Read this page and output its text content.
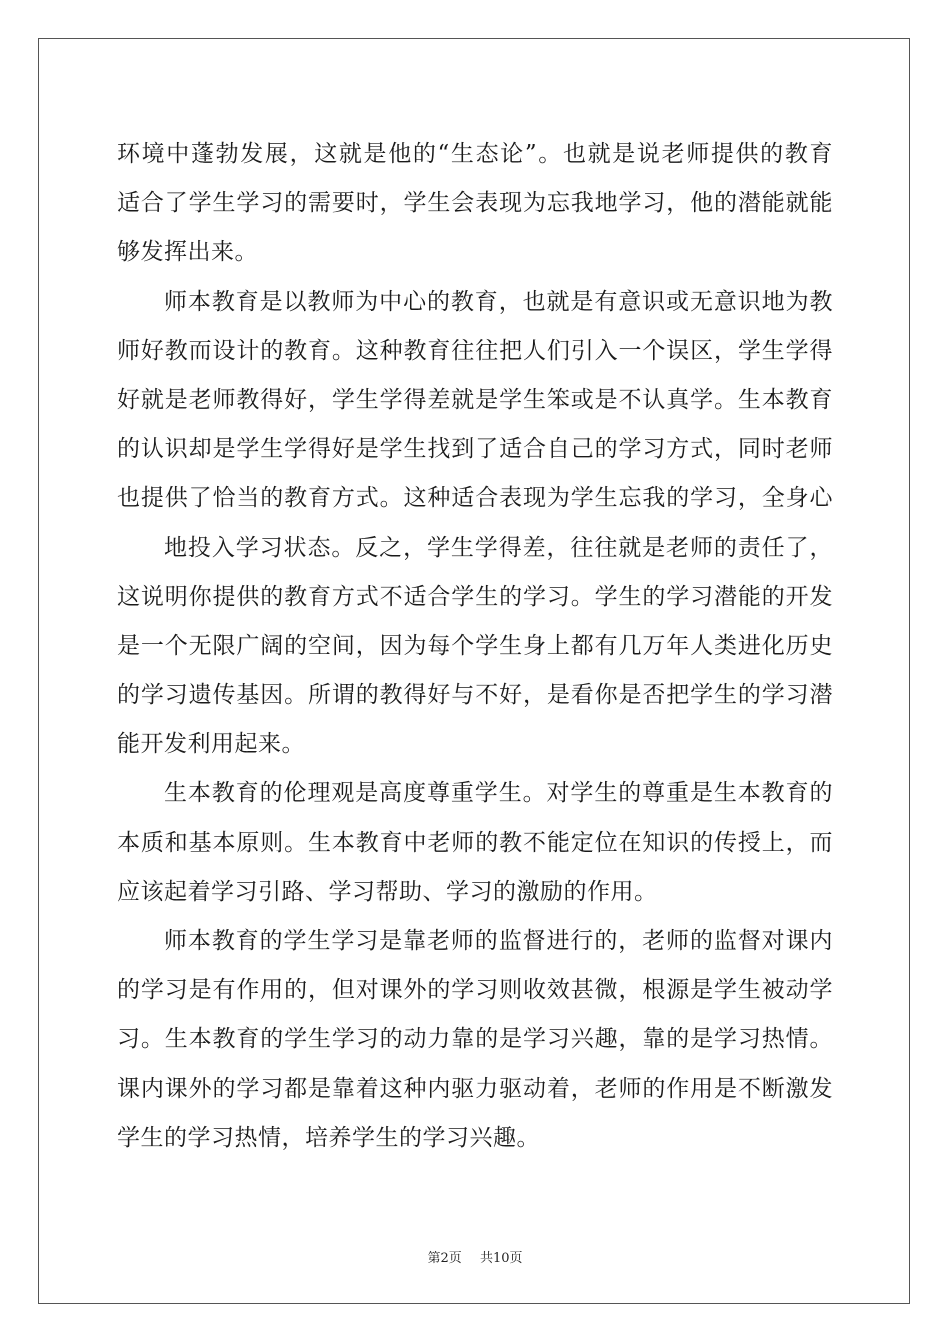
环境中蓬勃发展，这就是他的“生态论”。也就是说老师提供的教育
适合了学生学习的需要时，学生会表现为忘我地学习，他的潜能就能
够发挥出来。
师本教育是以教师为中心的教育，也就是有意识或无意识地为教
师好教而设计的教育。这种教育往往把人们引入一个误区，学生学得
好就是老师教得好，学生学得差就是学生笨或是不认真学。生本教育
的认识却是学生学得好是学生找到了适合自己的学习方式，同时老师
也提供了恰当的教育方式。这种适合表现为学生忘我的学习，全身心
地投入学习状态。反之，学生学得差，往往就是老师的责任了，
这说明你提供的教育方式不适合学生的学习。学生的学习潜能的开发
是一个无限广阔的空间，因为每个学生身上都有几万年人类进化历史
的学习遗传基因。所谓的教得好与不好，是看你是否把学生的学习潜
能开发利用起来。
生本教育的伦理观是高度尊重学生。对学生的尊重是生本教育的
本质和基本原则。生本教育中老师的教不能定位在知识的传授上，而
应该起着学习引路、学习帮助、学习的激励的作用。
师本教育的学生学习是靠老师的监督进行的，老师的监督对课内
的学习是有作用的，但对课外的学习则收效甚微，根源是学生被动学
习。生本教育的学生学习的动力靠的是学习兴趣，靠的是学习热情。
课内课外的学习都是靠着这种内驱力驱动着，老师的作用是不断激发
学生的学习热情，培养学生的学习兴趣。
第2页 共10页
